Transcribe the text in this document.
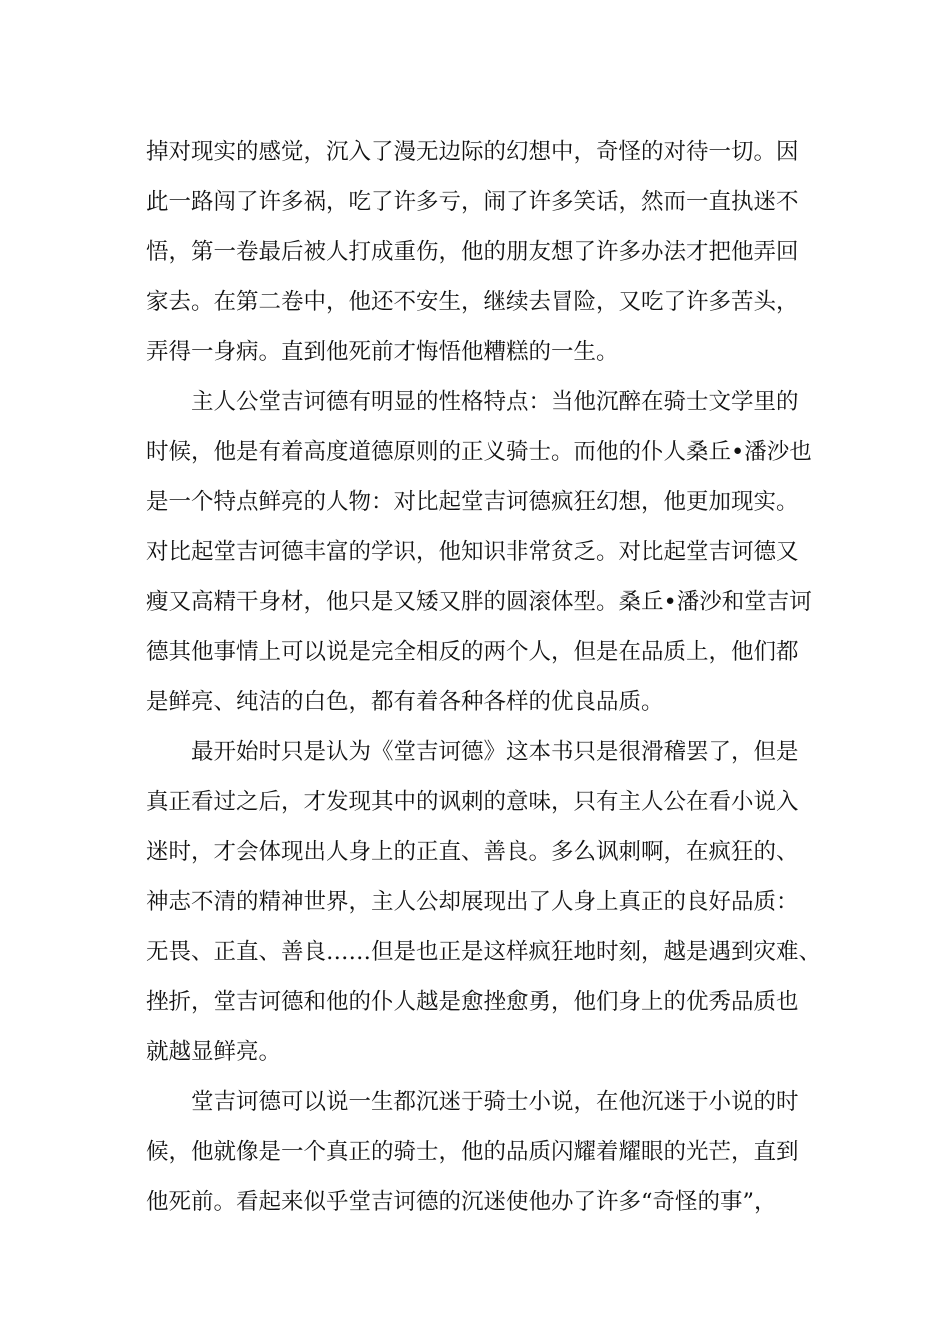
掉对现实的感觉，沉入了漫无边际的幻想中，奇怪的对待一切。因
此一路闯了许多祸，吃了许多亏，闹了许多笑话，然而一直执迷不
悟，第一卷最后被人打成重伤，他的朋友想了许多办法才把他弄回
家去。在第二卷中，他还不安生，继续去冒险，又吃了许多苦头，
弄得一身病。直到他死前才悔悟他糟糕的一生。
主人公堂吉诃德有明显的性格特点：当他沉醉在骑士文学里的
时候，他是有着高度道德原则的正义骑士。而他的仆人桑丘•潘沙也
是一个特点鲜亮的人物：对比起堂吉诃德疯狂幻想，他更加现实。
对比起堂吉诃德丰富的学识，他知识非常贫乏。对比起堂吉诃德又
瘦又高精干身材，他只是又矮又胖的圆滚体型。桑丘•潘沙和堂吉诃
德其他事情上可以说是完全相反的两个人，但是在品质上，他们都
是鲜亮、纯洁的白色，都有着各种各样的优良品质。
最开始时只是认为《堂吉诃德》这本书只是很滑稽罢了，但是
真正看过之后，才发现其中的讽刺的意味，只有主人公在看小说入
迷时，才会体现出人身上的正直、善良。多么讽刺啊，在疯狂的、
神志不清的精神世界，主人公却展现出了人身上真正的良好品质：
无畏、正直、善良……但是也正是这样疯狂地时刻，越是遇到灾难、
挫折，堂吉诃德和他的仆人越是愈挫愈勇，他们身上的优秀品质也
就越显鲜亮。
堂吉诃德可以说一生都沉迷于骑士小说，在他沉迷于小说的时
候，他就像是一个真正的骑士，他的品质闪耀着耀眼的光芒，直到
他死前。看起来似乎堂吉诃德的沉迷使他办了许多“奇怪的事”，
